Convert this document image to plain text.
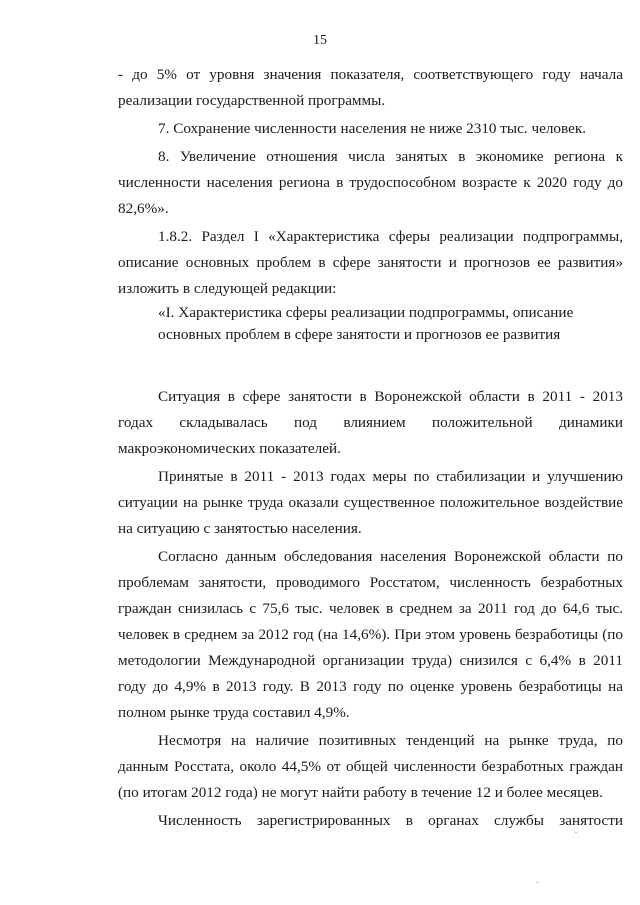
15

- до 5% от уровня значения показателя, соответствующего году начала реализации государственной программы.

7. Сохранение численности населения не ниже 2310 тыс. человек.

8. Увеличение отношения числа занятых в экономике региона к численности населения региона в трудоспособном возрасте к 2020 году до 82,6%».

1.8.2. Раздел I «Характеристика сферы реализации подпрограммы, описание основных проблем в сфере занятости и прогнозов ее развития» изложить в следующей редакции:

«I. Характеристика сферы реализации подпрограммы, описание
основных проблем в сфере занятости и прогнозов ее развития

Ситуация в сфере занятости в Воронежской области в 2011 - 2013 годах складывалась под влиянием положительной динамики макроэкономических показателей.

Принятые в 2011 - 2013 годах меры по стабилизации и улучшению ситуации на рынке труда оказали существенное положительное воздействие на ситуацию с занятостью населения.

Согласно данным обследования населения Воронежской области по проблемам занятости, проводимого Росстатом, численность безработных граждан снизилась с 75,6 тыс. человек в среднем за 2011 год до 64,6 тыс. человек в среднем за 2012 год (на 14,6%). При этом уровень безработицы (по методологии Международной организации труда) снизился с 6,4% в 2011 году до 4,9% в 2013 году. В 2013 году по оценке уровень безработицы на полном рынке труда составил 4,9%.

Несмотря на наличие позитивных тенденций на рынке труда, по данным Росстата, около 44,5% от общей численности безработных граждан (по итогам 2012 года) не могут найти работу в течение 12 и более месяцев.

Численность зарегистрированных в органах службы занятости
